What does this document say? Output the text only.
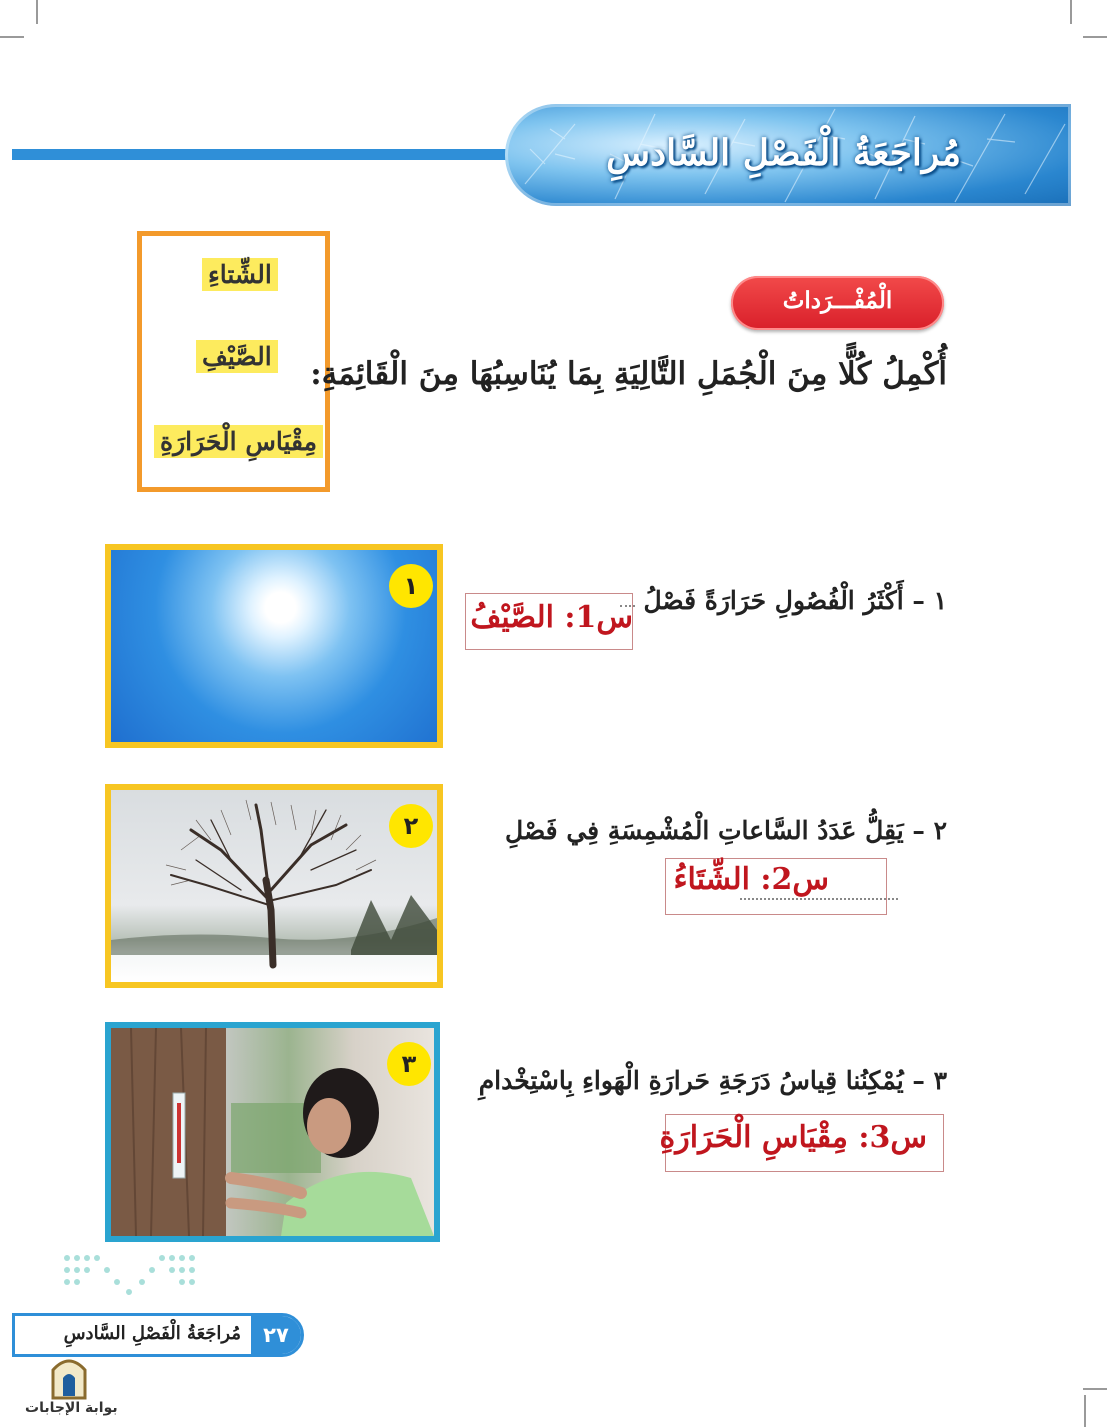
مُراجَعَةُ الْفَصْلِ السَّادسِ
الشِّتاءِ
الصَّيْفِ
مِقْيَاسِ الْحَرَارَةِ
الْمُفْـــرَداتُ
أُكْمِلُ كُلًّا مِنَ الْجُمَلِ التَّالِيَةِ بِمَا يُنَاسِبُهَا مِنَ الْقَائِمَةِ:
١	١ – أَكْثَرُ الْفُصُولِ حَرَارَةً فَصْلُ
س1: الصَّيْفُ
٢	٢ – يَقِلُّ عَدَدُ السَّاعاتِ الْمُشْمِسَةِ فِي فَصْلِ
س2: الشِّتَاءُ
٣
٣ – يُمْكِنُنا قِياسُ دَرَجَةِ حَرارَةِ الْهَواءِ بِاسْتِخْدامِ
س3: مِقْيَاسِ الْحَرَارَةِ
مُراجَعَةُ الْفَصْلِ السَّادسِ	٢٧
بوابة الإجابات
